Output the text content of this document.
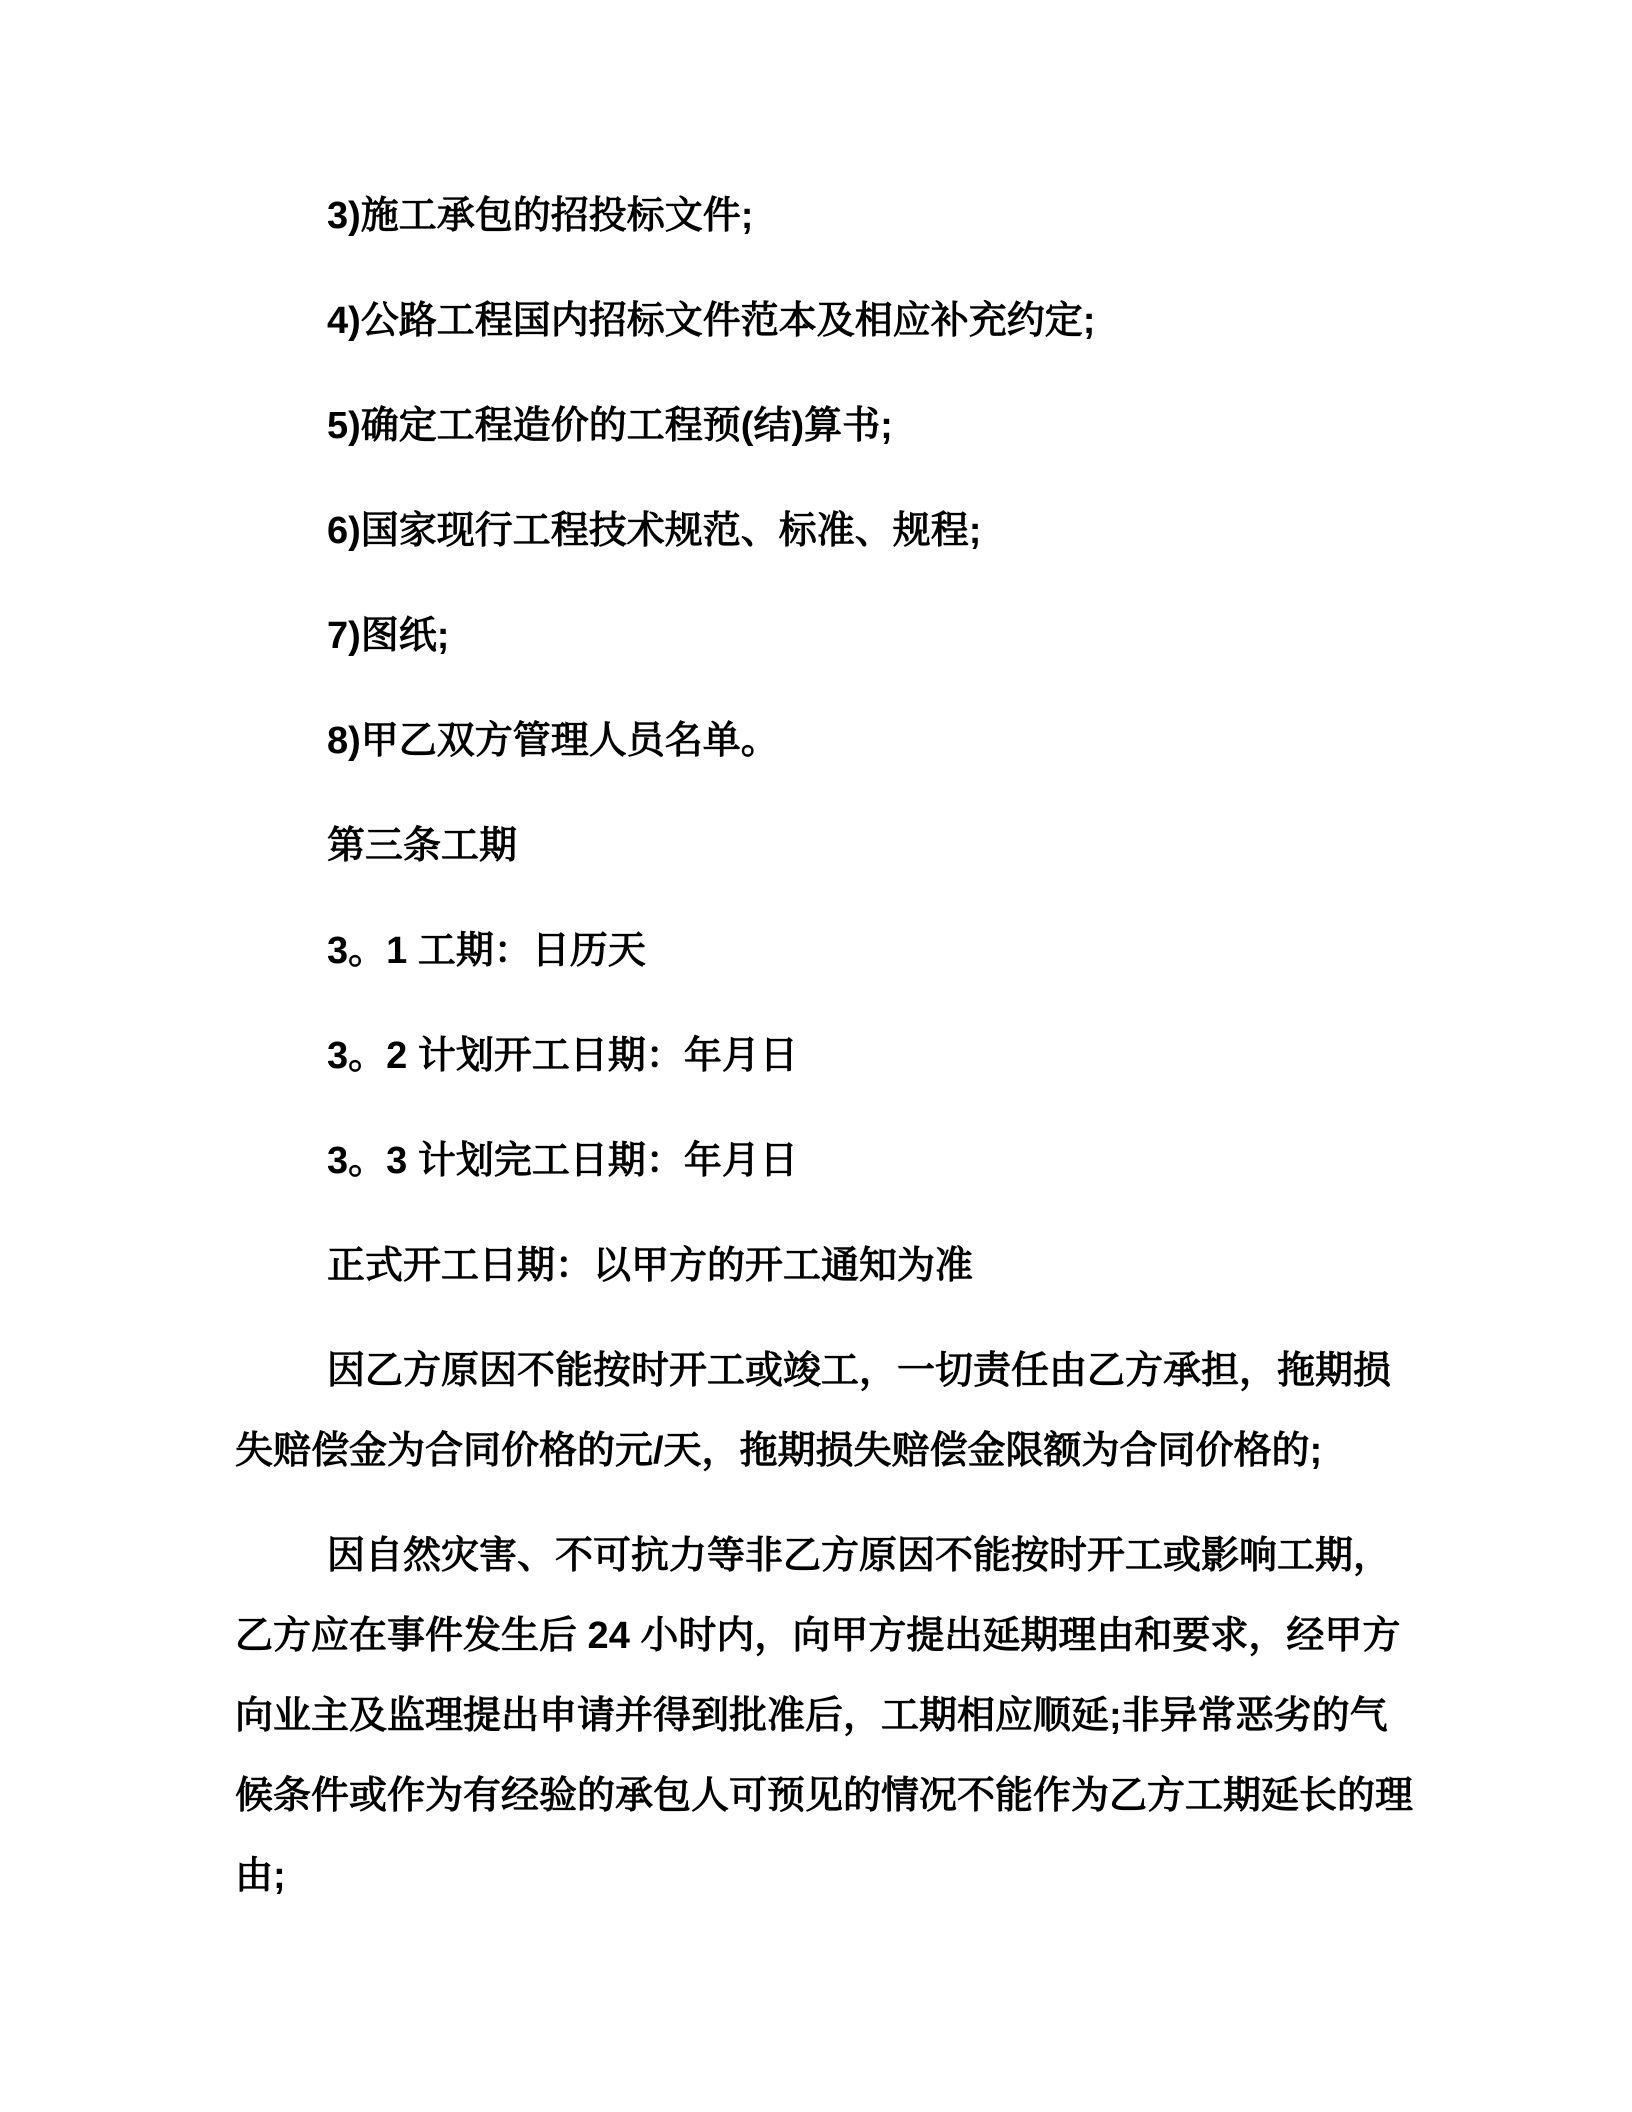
3)施工承包的招投标文件;

4)公路工程国内招标文件范本及相应补充约定;

5)确定工程造价的工程预(结)算书;

6)国家现行工程技术规范、标准、规程;

7)图纸;

8)甲乙双方管理人员名单。

第三条工期

3。1 工期：日历天

3。2 计划开工日期：年月日

3。3 计划完工日期：年月日

正式开工日期：以甲方的开工通知为准

因乙方原因不能按时开工或竣工，一切责任由乙方承担，拖期损失赔偿金为合同价格的元/天，拖期损失赔偿金限额为合同价格的;

因自然灾害、不可抗力等非乙方原因不能按时开工或影响工期，乙方应在事件发生后 24 小时内，向甲方提出延期理由和要求，经甲方向业主及监理提出申请并得到批准后，工期相应顺延;非异常恶劣的气候条件或作为有经验的承包人可预见的情况不能作为乙方工期延长的理由;
